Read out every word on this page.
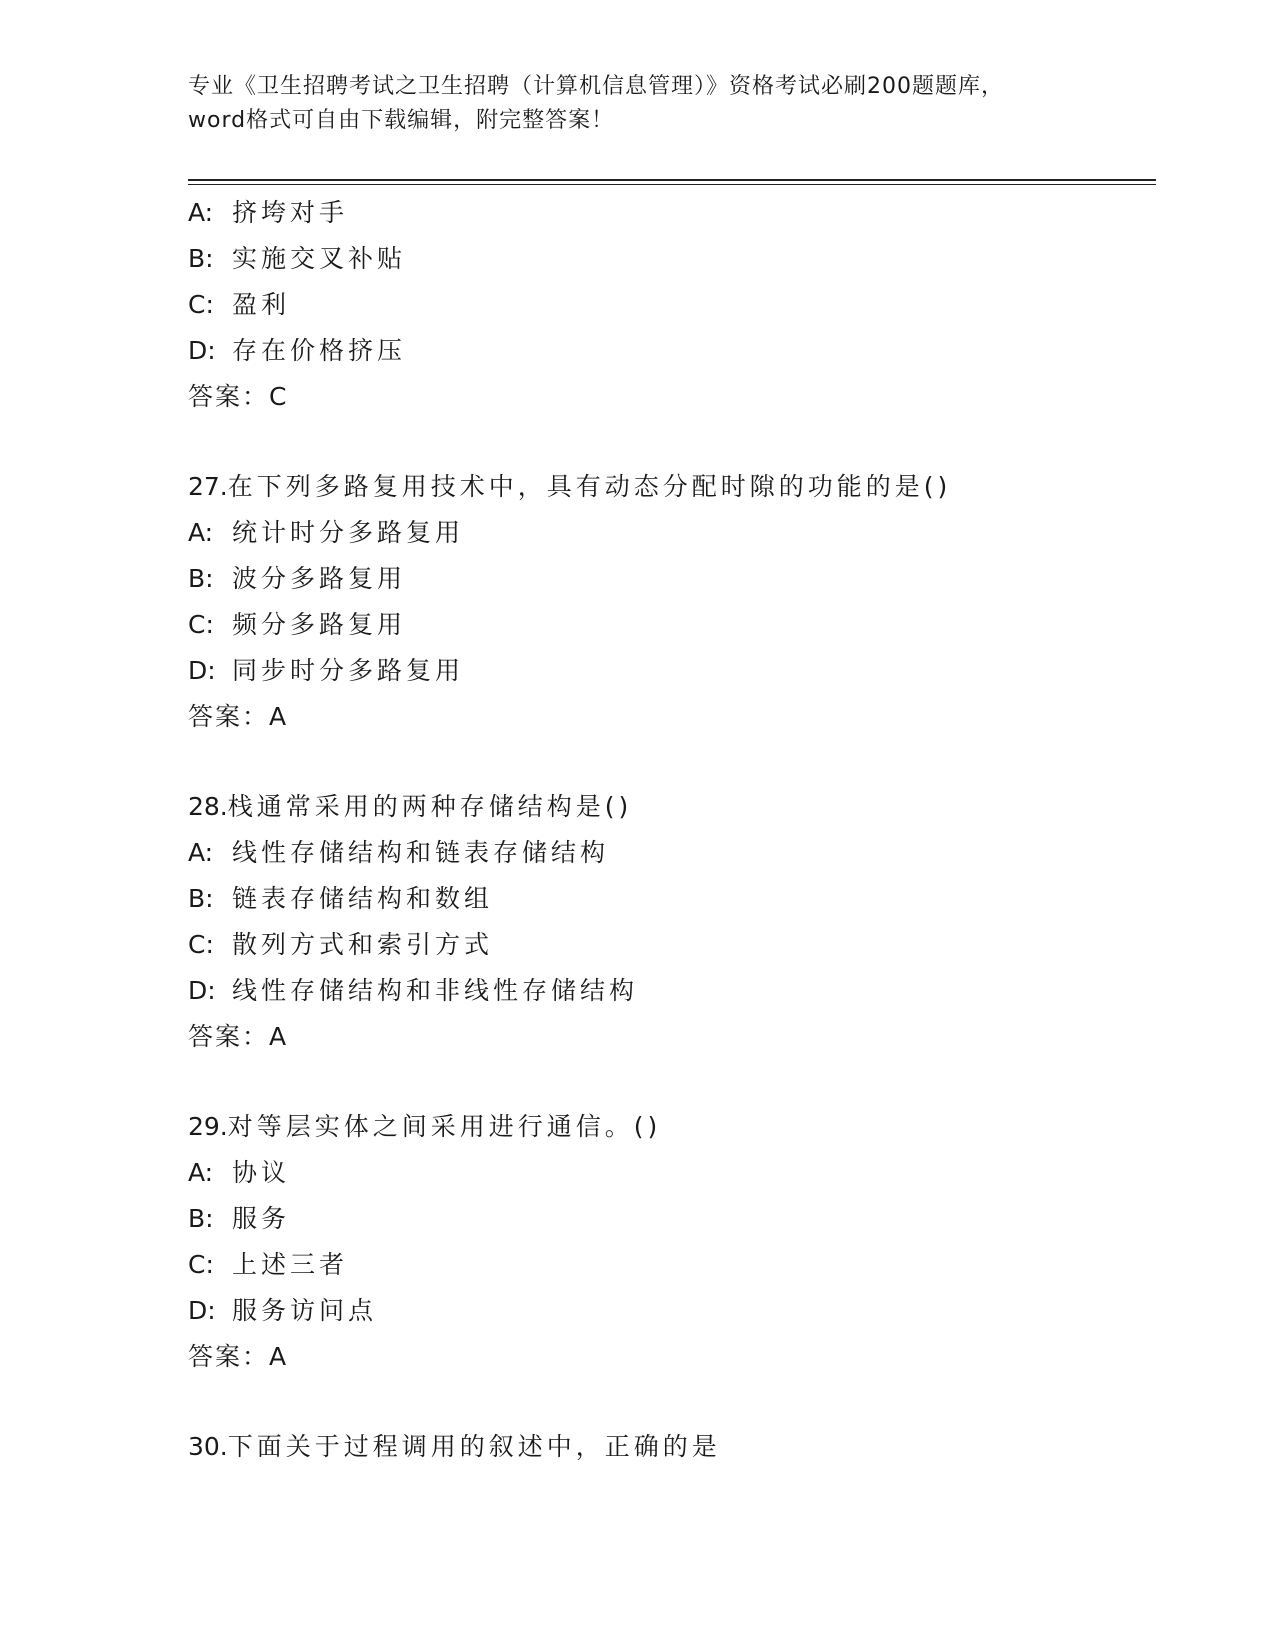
专业《卫生招聘考试之卫生招聘（计算机信息管理）》资格考试必刷200题题库，
word格式可自由下载编辑，附完整答案！
A: 挤垮对手
B: 实施交叉补贴
C: 盈利
D: 存在价格挤压
答案：C
27.在下列多路复用技术中，具有动态分配时隙的功能的是()
A: 统计时分多路复用
B: 波分多路复用
C: 频分多路复用
D: 同步时分多路复用
答案：A
28.栈通常采用的两种存储结构是()
A: 线性存储结构和链表存储结构
B: 链表存储结构和数组
C: 散列方式和索引方式
D: 线性存储结构和非线性存储结构
答案：A
29.对等层实体之间采用进行通信。()
A: 协议
B: 服务
C: 上述三者
D: 服务访问点
答案：A
30.下面关于过程调用的叙述中，正确的是
